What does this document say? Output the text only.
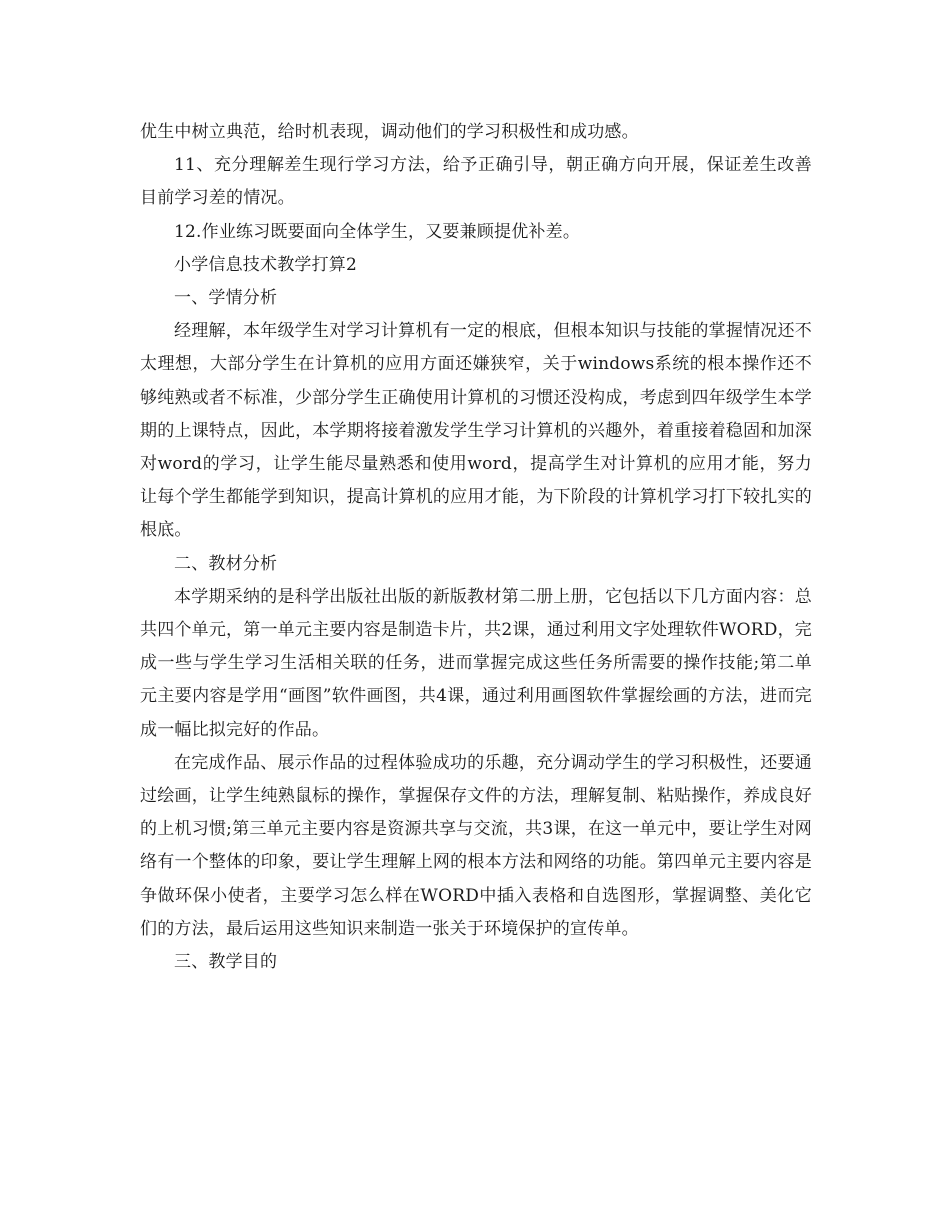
优生中树立典范，给时机表现，调动他们的学习积极性和成功感。

11、充分理解差生现行学习方法，给予正确引导，朝正确方向开展，保证差生改善目前学习差的情况。

12.作业练习既要面向全体学生，又要兼顾提优补差。

小学信息技术教学打算2

一、学情分析

经理解，本年级学生对学习计算机有一定的根底，但根本知识与技能的掌握情况还不太理想，大部分学生在计算机的应用方面还嫌狭窄，关于windows系统的根本操作还不够纯熟或者不标准，少部分学生正确使用计算机的习惯还没构成，考虑到四年级学生本学期的上课特点，因此，本学期将接着激发学生学习计算机的兴趣外，着重接着稳固和加深对word的学习，让学生能尽量熟悉和使用word，提高学生对计算机的应用才能，努力让每个学生都能学到知识，提高计算机的应用才能，为下阶段的计算机学习打下较扎实的根底。

二、教材分析

本学期采纳的是科学出版社出版的新版教材第二册上册，它包括以下几方面内容：总共四个单元，第一单元主要内容是制造卡片，共2课，通过利用文字处理软件WORD，完成一些与学生学习生活相关联的任务，进而掌握完成这些任务所需要的操作技能;第二单元主要内容是学用“画图”软件画图，共4课，通过利用画图软件掌握绘画的方法，进而完成一幅比拟完好的作品。

在完成作品、展示作品的过程体验成功的乐趣，充分调动学生的学习积极性，还要通过绘画，让学生纯熟鼠标的操作，掌握保存文件的方法，理解复制、粘贴操作，养成良好的上机习惯;第三单元主要内容是资源共享与交流，共3课，在这一单元中，要让学生对网络有一个整体的印象，要让学生理解上网的根本方法和网络的功能。第四单元主要内容是争做环保小使者，主要学习怎么样在WORD中插入表格和自选图形，掌握调整、美化它们的方法，最后运用这些知识来制造一张关于环境保护的宣传单。

三、教学目的
